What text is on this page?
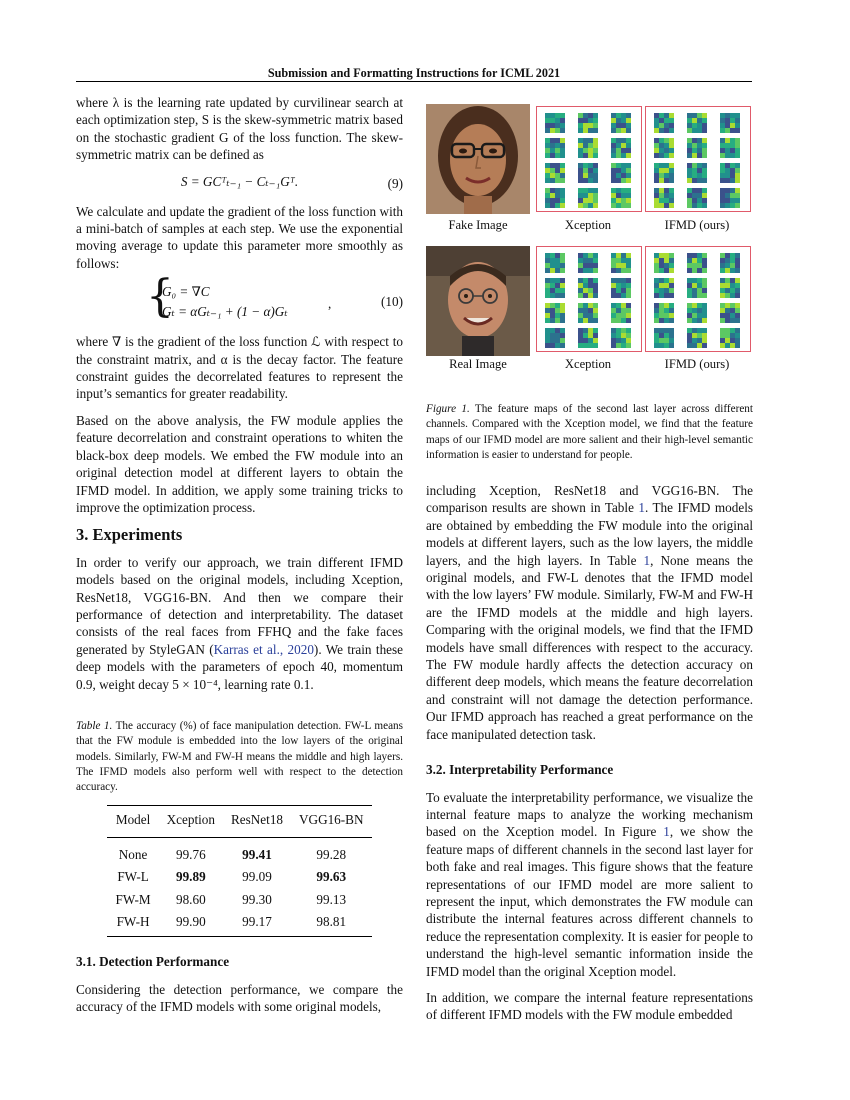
Submission and Formatting Instructions for ICML 2021

where λ is the learning rate updated by curvilinear search at each optimization step, S is the skew-symmetric matrix based on the stochastic gradient G of the loss function. The skew-symmetric matrix can be defined as

S = GCᵀₜ₋₁ − Cₜ₋₁Gᵀ.	(9)

We calculate and update the gradient of the loss function with a mini-batch of samples at each step. We use the exponential moving average to update this parameter more smoothly as follows:

{
G₀ = ∇C
Gₜ = αGₜ₋₁ + (1 − α)Gₜ
,	(10)

where ∇ is the gradient of the loss function ℒ with respect to the constraint matrix, and α is the decay factor. The feature constraint guides the decorrelated features to represent the input’s semantics for greater readability.

Based on the above analysis, the FW module applies the feature decorrelation and constraint operations to whiten the black-box deep models. We embed the FW module into an original detection model at different layers to obtain the IFMD model. In addition, we apply some training tricks to improve the optimization process.

3. Experiments

In order to verify our approach, we train different IFMD models based on the original models, including Xception, ResNet18, VGG16-BN. And then we compare their performance of detection and interpretability. The dataset consists of the real faces from FFHQ and the fake faces generated by StyleGAN (Karras et al., 2020). We train these deep models with the parameters of epoch 40, momentum 0.9, weight decay 5 × 10⁻⁴, learning rate 0.1.

Table 1. The accuracy (%) of face manipulation detection. FW-L means that the FW module is embedded into the low layers of the original models. Similarly, FW-M and FW-H means the middle and high layers. The IFMD models also perform well with respect to the detection accuracy.
Model	Xception	ResNet18	VGG16-BN
None	99.76	99.41	99.28
FW-L	99.89	99.09	99.63
FW-M	98.60	99.30	99.13
FW-H	99.90	99.17	98.81
3.1. Detection Performance

Considering the detection performance, we compare the accuracy of the IFMD models with some original models,

Fake Image	Xception	IFMD (ours)
Real Image	Xception	IFMD (ours)
Figure 1. The feature maps of the second last layer across different channels. Compared with the Xception model, we find that the feature maps of our IFMD model are more salient and their high-level semantic information is easier to understand for people.

including Xception, ResNet18 and VGG16-BN. The comparison results are shown in Table 1. The IFMD models are obtained by embedding the FW module into the original models at different layers, such as the low layers, the middle layers, and the high layers. In Table 1, None means the original models, and FW-L denotes that the IFMD model with the low layers’ FW module. Similarly, FW-M and FW-H are the IFMD models at the middle and high layers. Comparing with the original models, we find that the IFMD models have small differences with respect to the accuracy. The FW module hardly affects the detection accuracy on different deep models, which means the feature decorrelation and constraint will not damage the detection performance. Our IFMD approach has reached a great performance on the face manipulated detection task.

3.2. Interpretability Performance

To evaluate the interpretability performance, we visualize the internal feature maps to analyze the working mechanism based on the Xception model. In Figure 1, we show the feature maps of different channels in the second last layer for both fake and real images. This figure shows that the feature representations of our IFMD model are more salient to represent the input, which demonstrates the FW module can distribute the internal features across different channels to reduce the representation complexity. It is easier for people to understand the high-level semantic information inside the IFMD model than the original Xception model.

In addition, we compare the internal feature representations of different IFMD models with the FW module embedded
